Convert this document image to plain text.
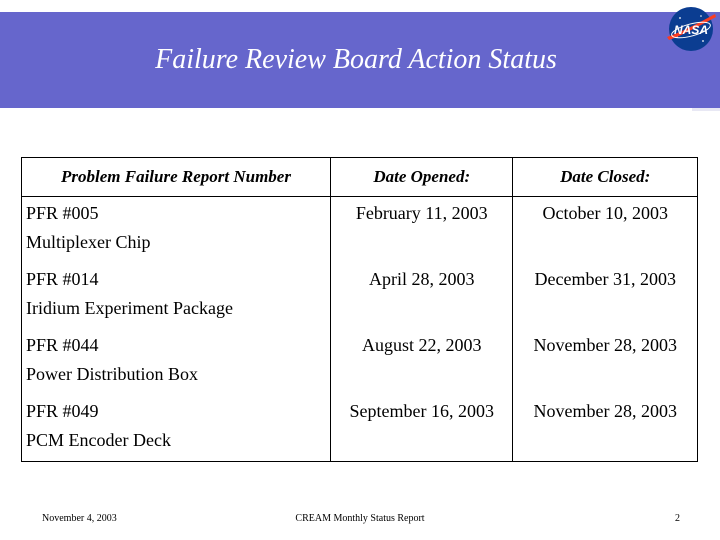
Failure Review Board Action Status
NASA
Problem Failure Report Number	Date Opened:	Date Closed:
PFR #005
Multiplexer Chip	February 11, 2003	October 10, 2003
PFR #014
Iridium Experiment Package	April 28, 2003	December 31, 2003
PFR #044
Power Distribution Box	August 22, 2003	November 28, 2003
PFR #049
PCM Encoder Deck	September 16, 2003	November 28, 2003
November 4, 2003	CREAM Monthly Status Report	2
